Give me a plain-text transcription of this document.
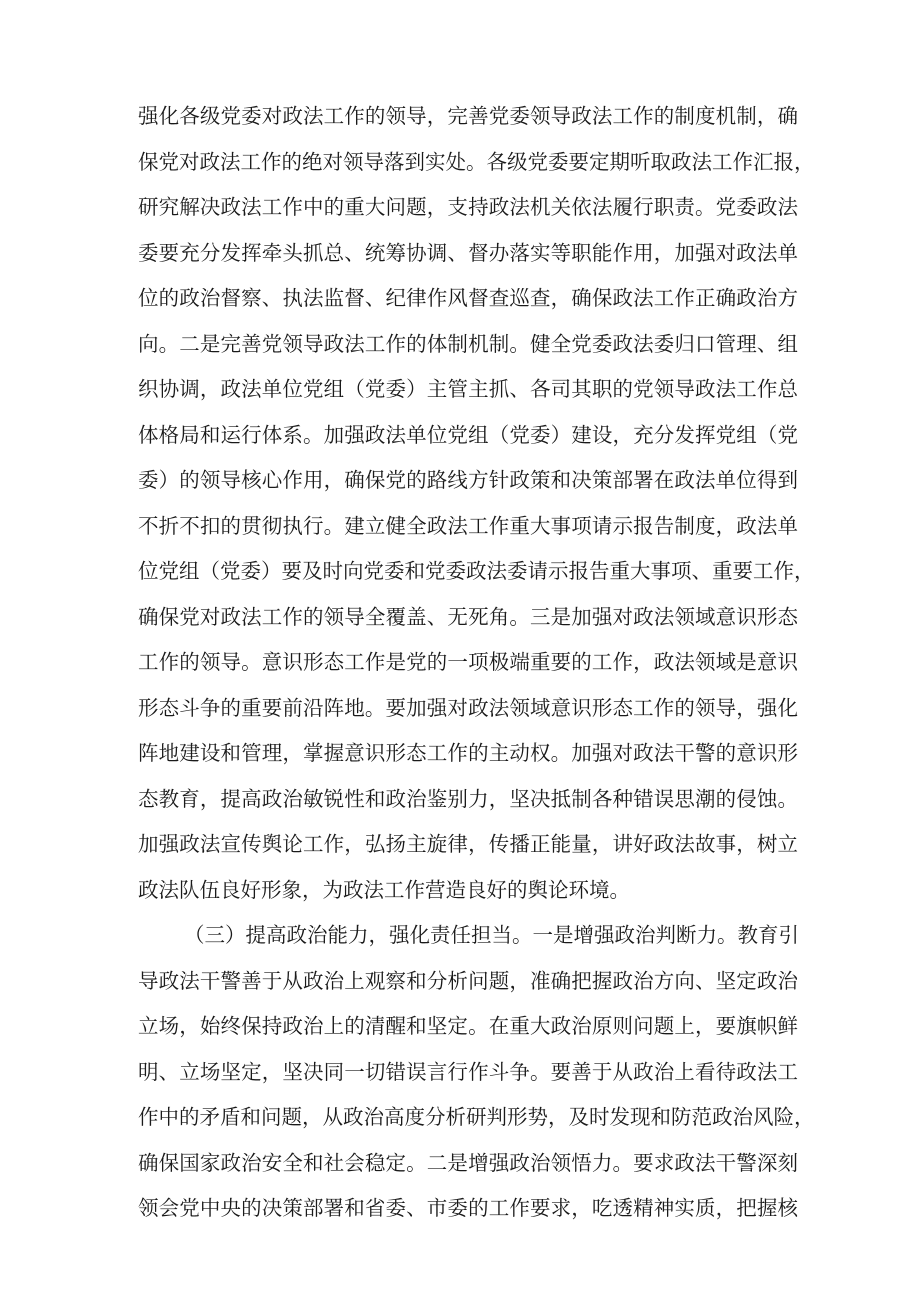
强化各级党委对政法工作的领导，完善党委领导政法工作的制度机制，确
保党对政法工作的绝对领导落到实处。各级党委要定期听取政法工作汇报，
研究解决政法工作中的重大问题，支持政法机关依法履行职责。党委政法
委要充分发挥牵头抓总、统筹协调、督办落实等职能作用，加强对政法单
位的政治督察、执法监督、纪律作风督查巡查，确保政法工作正确政治方
向。二是完善党领导政法工作的体制机制。健全党委政法委归口管理、组
织协调，政法单位党组（党委）主管主抓、各司其职的党领导政法工作总
体格局和运行体系。加强政法单位党组（党委）建设，充分发挥党组（党
委）的领导核心作用，确保党的路线方针政策和决策部署在政法单位得到
不折不扣的贯彻执行。建立健全政法工作重大事项请示报告制度，政法单
位党组（党委）要及时向党委和党委政法委请示报告重大事项、重要工作，
确保党对政法工作的领导全覆盖、无死角。三是加强对政法领域意识形态
工作的领导。意识形态工作是党的一项极端重要的工作，政法领域是意识
形态斗争的重要前沿阵地。要加强对政法领域意识形态工作的领导，强化
阵地建设和管理，掌握意识形态工作的主动权。加强对政法干警的意识形
态教育，提高政治敏锐性和政治鉴别力，坚决抵制各种错误思潮的侵蚀。
加强政法宣传舆论工作，弘扬主旋律，传播正能量，讲好政法故事，树立
政法队伍良好形象，为政法工作营造良好的舆论环境。
（三）提高政治能力，强化责任担当。一是增强政治判断力。教育引
导政法干警善于从政治上观察和分析问题，准确把握政治方向、坚定政治
立场，始终保持政治上的清醒和坚定。在重大政治原则问题上，要旗帜鲜
明、立场坚定，坚决同一切错误言行作斗争。要善于从政治上看待政法工
作中的矛盾和问题，从政治高度分析研判形势，及时发现和防范政治风险，
确保国家政治安全和社会稳定。二是增强政治领悟力。要求政法干警深刻
领会党中央的决策部署和省委、市委的工作要求，吃透精神实质，把握核
